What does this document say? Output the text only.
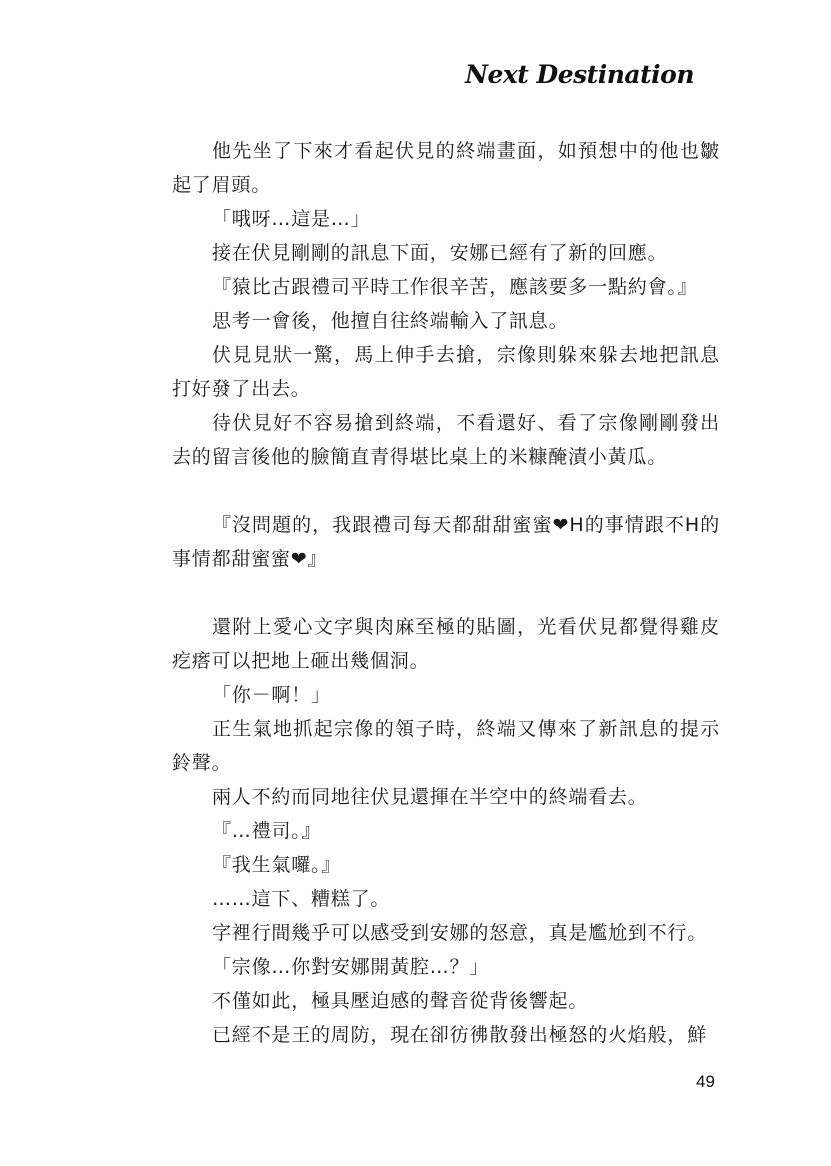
Next Destination

他先坐了下來才看起伏見的終端畫面，如預想中的他也皺起了眉頭。

「哦呀…這是…」

接在伏見剛剛的訊息下面，安娜已經有了新的回應。

『猿比古跟禮司平時工作很辛苦，應該要多一點約會。』

思考一會後，他擅自往終端輸入了訊息。

伏見見狀一驚，馬上伸手去搶，宗像則躲來躲去地把訊息打好發了出去。

待伏見好不容易搶到終端，不看還好、看了宗像剛剛發出去的留言後他的臉簡直青得堪比桌上的米糠醃漬小黃瓜。

『沒問題的，我跟禮司每天都甜甜蜜蜜❤H的事情跟不H的事情都甜蜜蜜❤』

還附上愛心文字與肉麻至極的貼圖，光看伏見都覺得雞皮疙瘩可以把地上砸出幾個洞。

「你－啊！」

正生氣地抓起宗像的領子時，終端又傳來了新訊息的提示鈴聲。

兩人不約而同地往伏見還揮在半空中的終端看去。

『…禮司。』

『我生氣囉。』

……這下、糟糕了。

字裡行間幾乎可以感受到安娜的怒意，真是尷尬到不行。

「宗像…你對安娜開黃腔…？」

不僅如此，極具壓迫感的聲音從背後響起。

已經不是王的周防，現在卻彷彿散發出極怒的火焰般，鮮

49
